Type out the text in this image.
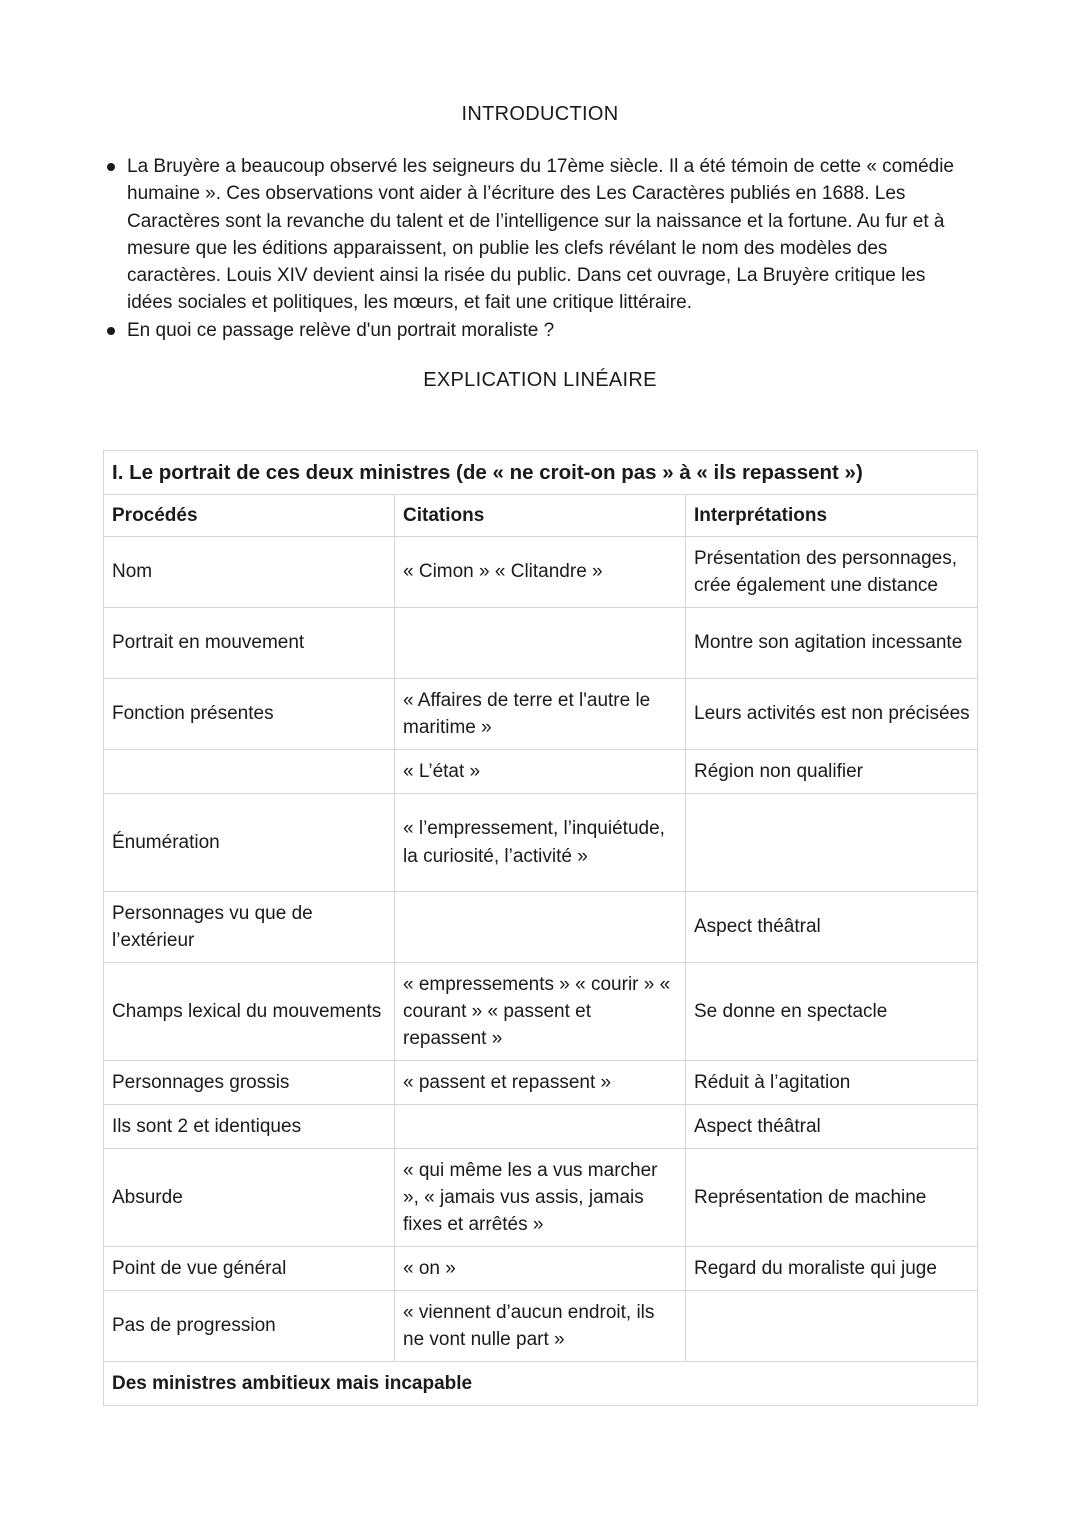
INTRODUCTION
La Bruyère a beaucoup observé les seigneurs du 17ème siècle. Il a été témoin de cette « comédie humaine ». Ces observations vont aider à l’écriture des Les Caractères publiés en 1688. Les Caractères sont la revanche du talent et de l’intelligence sur la naissance et la fortune. Au fur et à mesure que les éditions apparaissent, on publie les clefs révélant le nom des modèles des caractères. Louis XIV devient ainsi la risée du public. Dans cet ouvrage, La Bruyère critique les idées sociales et politiques, les mœurs, et fait une critique littéraire.
En quoi ce passage relève d'un portrait moraliste ?
EXPLICATION LINÉAIRE
I. Le portrait de ces deux ministres (de « ne croit-on pas » à « ils repassent »)		
Procédés	Citations	Interprétations
Nom	« Cimon » « Clitandre »	Présentation des personnages, crée également une distance
Portrait en mouvement		Montre son agitation incessante
Fonction présentes	« Affaires de terre et l'autre le maritime »	Leurs activités est non précisées
	« L’état »	Région non qualifier
Énumération	« l’empressement, l’inquiétude, la curiosité, l’activité »	
Personnages vu que de l’extérieur		Aspect théâtral
Champs lexical du mouvements	« empressements » « courir » « courant » « passent et repassent »	Se donne en spectacle
Personnages grossis	« passent et repassent »	Réduit à l’agitation
Ils sont 2 et identiques		Aspect théâtral
Absurde	« qui même les a vus marcher », « jamais vus assis, jamais fixes et arrêtés »	Représentation de machine
Point de vue général	« on »	Regard du moraliste qui juge
Pas de progression	« viennent d’aucun endroit, ils ne vont nulle part »	
Des ministres ambitieux mais incapable		
